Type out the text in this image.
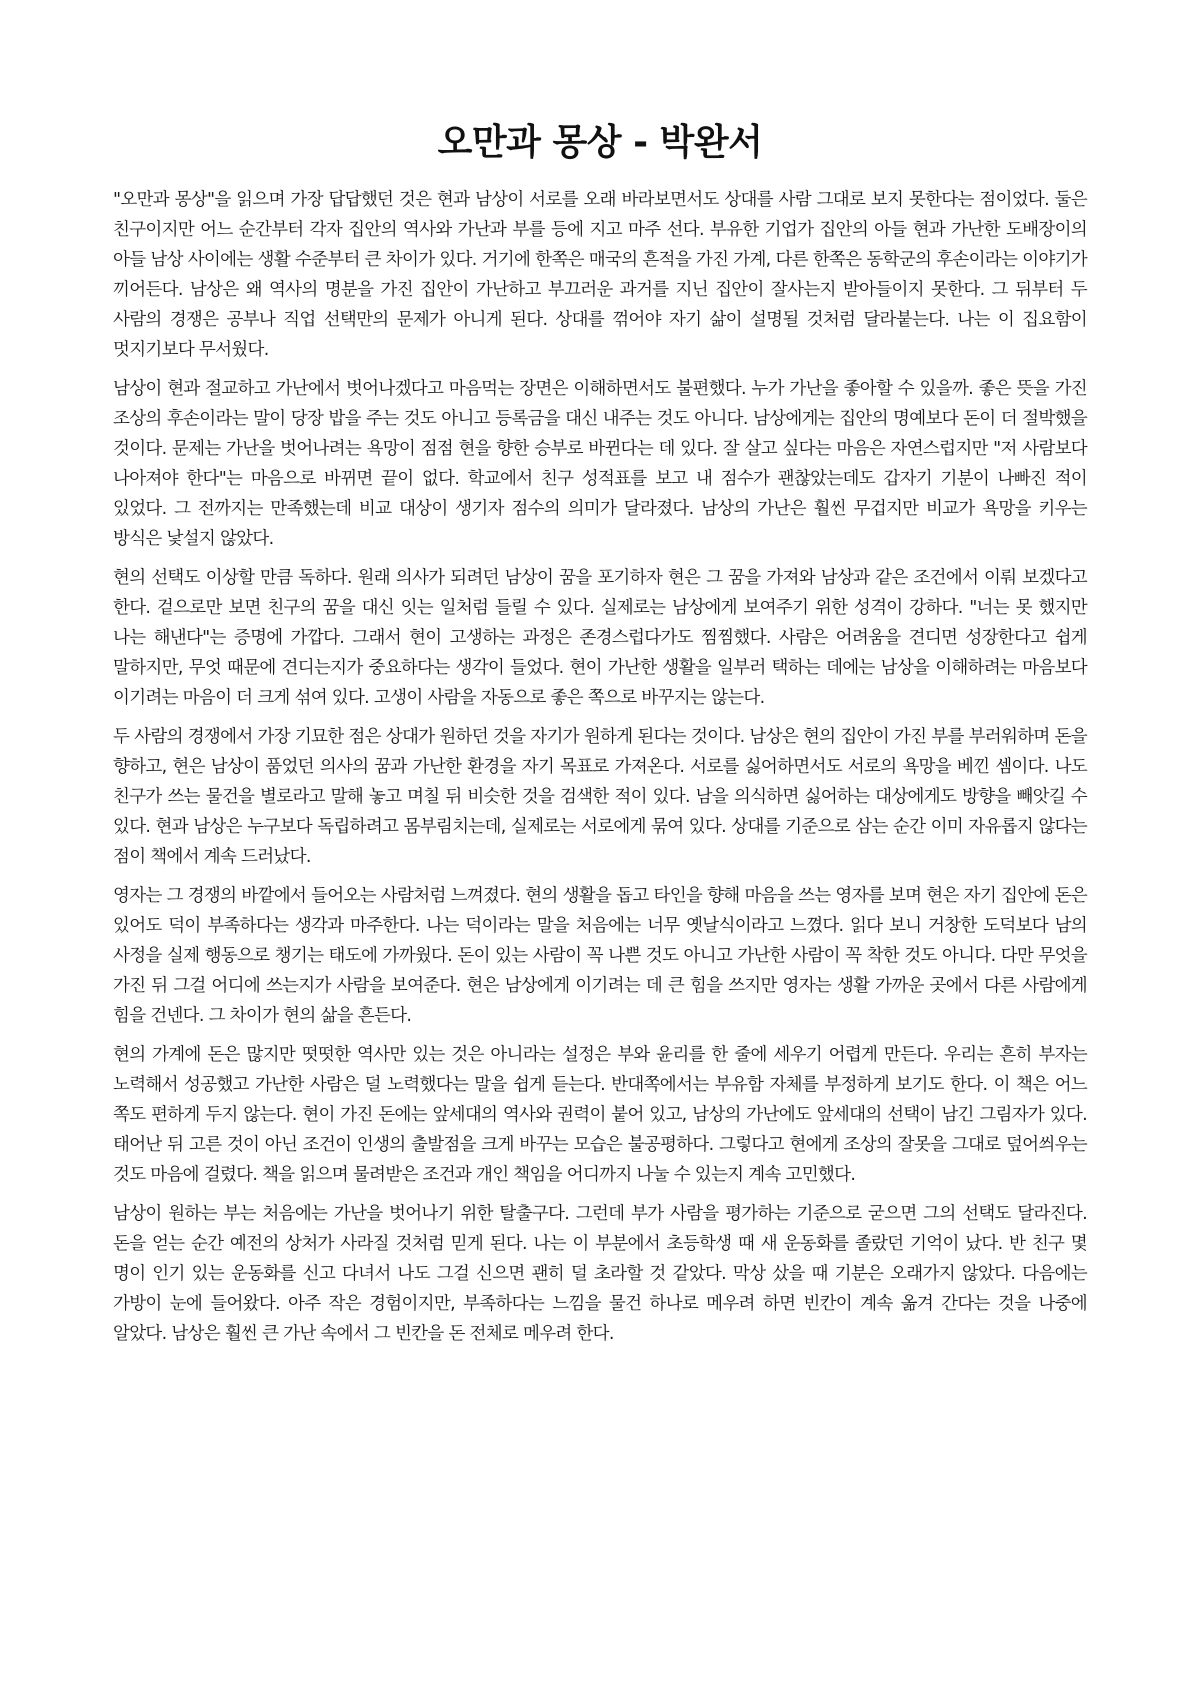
오만과 몽상 - 박완서

"오만과 몽상"을 읽으며 가장 답답했던 것은 현과 남상이 서로를 오래 바라보면서도 상대를 사람 그대로 보지 못한다는 점이었다. 둘은 친구이지만 어느 순간부터 각자 집안의 역사와 가난과 부를 등에 지고 마주 선다. 부유한 기업가 집안의 아들 현과 가난한 도배장이의 아들 남상 사이에는 생활 수준부터 큰 차이가 있다. 거기에 한쪽은 매국의 흔적을 가진 가계, 다른 한쪽은 동학군의 후손이라는 이야기가 끼어든다. 남상은 왜 역사의 명분을 가진 집안이 가난하고 부끄러운 과거를 지닌 집안이 잘사는지 받아들이지 못한다. 그 뒤부터 두 사람의 경쟁은 공부나 직업 선택만의 문제가 아니게 된다. 상대를 꺾어야 자기 삶이 설명될 것처럼 달라붙는다. 나는 이 집요함이 멋지기보다 무서웠다.

남상이 현과 절교하고 가난에서 벗어나겠다고 마음먹는 장면은 이해하면서도 불편했다. 누가 가난을 좋아할 수 있을까. 좋은 뜻을 가진 조상의 후손이라는 말이 당장 밥을 주는 것도 아니고 등록금을 대신 내주는 것도 아니다. 남상에게는 집안의 명예보다 돈이 더 절박했을 것이다. 문제는 가난을 벗어나려는 욕망이 점점 현을 향한 승부로 바뀐다는 데 있다. 잘 살고 싶다는 마음은 자연스럽지만 "저 사람보다 나아져야 한다"는 마음으로 바뀌면 끝이 없다. 학교에서 친구 성적표를 보고 내 점수가 괜찮았는데도 갑자기 기분이 나빠진 적이 있었다. 그 전까지는 만족했는데 비교 대상이 생기자 점수의 의미가 달라졌다. 남상의 가난은 훨씬 무겁지만 비교가 욕망을 키우는 방식은 낯설지 않았다.

현의 선택도 이상할 만큼 독하다. 원래 의사가 되려던 남상이 꿈을 포기하자 현은 그 꿈을 가져와 남상과 같은 조건에서 이뤄 보겠다고 한다. 겉으로만 보면 친구의 꿈을 대신 잇는 일처럼 들릴 수 있다. 실제로는 남상에게 보여주기 위한 성격이 강하다. "너는 못 했지만 나는 해낸다"는 증명에 가깝다. 그래서 현이 고생하는 과정은 존경스럽다가도 찜찜했다. 사람은 어려움을 견디면 성장한다고 쉽게 말하지만, 무엇 때문에 견디는지가 중요하다는 생각이 들었다. 현이 가난한 생활을 일부러 택하는 데에는 남상을 이해하려는 마음보다 이기려는 마음이 더 크게 섞여 있다. 고생이 사람을 자동으로 좋은 쪽으로 바꾸지는 않는다.

두 사람의 경쟁에서 가장 기묘한 점은 상대가 원하던 것을 자기가 원하게 된다는 것이다. 남상은 현의 집안이 가진 부를 부러워하며 돈을 향하고, 현은 남상이 품었던 의사의 꿈과 가난한 환경을 자기 목표로 가져온다. 서로를 싫어하면서도 서로의 욕망을 베낀 셈이다. 나도 친구가 쓰는 물건을 별로라고 말해 놓고 며칠 뒤 비슷한 것을 검색한 적이 있다. 남을 의식하면 싫어하는 대상에게도 방향을 빼앗길 수 있다. 현과 남상은 누구보다 독립하려고 몸부림치는데, 실제로는 서로에게 묶여 있다. 상대를 기준으로 삼는 순간 이미 자유롭지 않다는 점이 책에서 계속 드러났다.

영자는 그 경쟁의 바깥에서 들어오는 사람처럼 느껴졌다. 현의 생활을 돕고 타인을 향해 마음을 쓰는 영자를 보며 현은 자기 집안에 돈은 있어도 덕이 부족하다는 생각과 마주한다. 나는 덕이라는 말을 처음에는 너무 옛날식이라고 느꼈다. 읽다 보니 거창한 도덕보다 남의 사정을 실제 행동으로 챙기는 태도에 가까웠다. 돈이 있는 사람이 꼭 나쁜 것도 아니고 가난한 사람이 꼭 착한 것도 아니다. 다만 무엇을 가진 뒤 그걸 어디에 쓰는지가 사람을 보여준다. 현은 남상에게 이기려는 데 큰 힘을 쓰지만 영자는 생활 가까운 곳에서 다른 사람에게 힘을 건넨다. 그 차이가 현의 삶을 흔든다.

현의 가계에 돈은 많지만 떳떳한 역사만 있는 것은 아니라는 설정은 부와 윤리를 한 줄에 세우기 어렵게 만든다. 우리는 흔히 부자는 노력해서 성공했고 가난한 사람은 덜 노력했다는 말을 쉽게 듣는다. 반대쪽에서는 부유함 자체를 부정하게 보기도 한다. 이 책은 어느 쪽도 편하게 두지 않는다. 현이 가진 돈에는 앞세대의 역사와 권력이 붙어 있고, 남상의 가난에도 앞세대의 선택이 남긴 그림자가 있다. 태어난 뒤 고른 것이 아닌 조건이 인생의 출발점을 크게 바꾸는 모습은 불공평하다. 그렇다고 현에게 조상의 잘못을 그대로 덮어씌우는 것도 마음에 걸렸다. 책을 읽으며 물려받은 조건과 개인 책임을 어디까지 나눌 수 있는지 계속 고민했다.

남상이 원하는 부는 처음에는 가난을 벗어나기 위한 탈출구다. 그런데 부가 사람을 평가하는 기준으로 굳으면 그의 선택도 달라진다. 돈을 얻는 순간 예전의 상처가 사라질 것처럼 믿게 된다. 나는 이 부분에서 초등학생 때 새 운동화를 졸랐던 기억이 났다. 반 친구 몇 명이 인기 있는 운동화를 신고 다녀서 나도 그걸 신으면 괜히 덜 초라할 것 같았다. 막상 샀을 때 기분은 오래가지 않았다. 다음에는 가방이 눈에 들어왔다. 아주 작은 경험이지만, 부족하다는 느낌을 물건 하나로 메우려 하면 빈칸이 계속 옮겨 간다는 것을 나중에 알았다. 남상은 훨씬 큰 가난 속에서 그 빈칸을 돈 전체로 메우려 한다.
